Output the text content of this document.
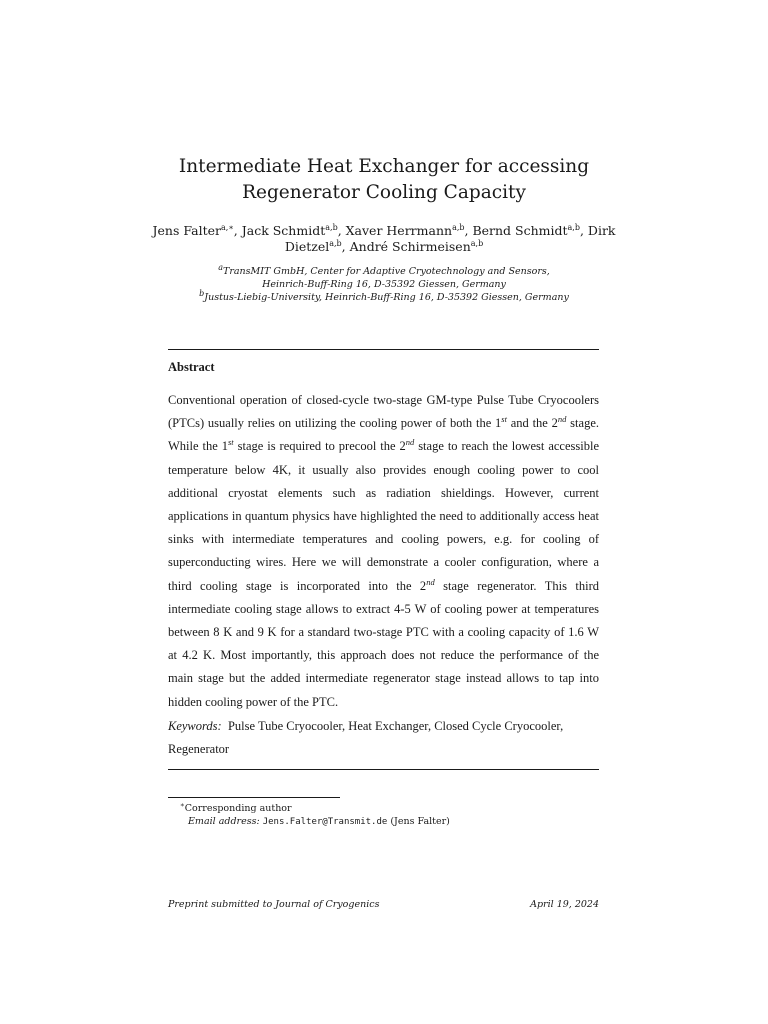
Intermediate Heat Exchanger for accessing Regenerator Cooling Capacity
Jens Falter$^{a,∗}$, Jack Schmidt$^{a,b}$, Xaver Herrmann$^{a,b}$, Bernd Schmidt$^{a,b}$, Dirk Dietzel$^{a,b}$, André Schirmeisen$^{a,b}$
$^a$TransMIT GmbH, Center for Adaptive Cryotechnology and Sensors,
Heinrich-Buff-Ring 16, D-35392 Giessen, Germany
$^b$Justus-Liebig-University, Heinrich-Buff-Ring 16, D-35392 Giessen, Germany
Abstract
Conventional operation of closed-cycle two-stage GM-type Pulse Tube Cryocoolers (PTCs) usually relies on utilizing the cooling power of both the 1st and the 2nd stage. While the 1st stage is required to precool the 2nd stage to reach the lowest accessible temperature below 4K, it usually also provides enough cooling power to cool additional cryostat elements such as radiation shieldings. However, current applications in quantum physics have highlighted the need to additionally access heat sinks with intermediate temperatures and cooling powers, e.g. for cooling of superconducting wires. Here we will demonstrate a cooler configuration, where a third cooling stage is incorporated into the 2nd stage regenerator. This third intermediate cooling stage allows to extract 4-5 W of cooling power at temperatures between 8 K and 9 K for a standard two-stage PTC with a cooling capacity of 1.6 W at 4.2 K. Most importantly, this approach does not reduce the performance of the main stage but the added intermediate regenerator stage instead allows to tap into hidden cooling power of the PTC.
Keywords: Pulse Tube Cryocooler, Heat Exchanger, Closed Cycle Cryocooler, Regenerator
∗Corresponding author
Email address: Jens.Falter@Transmit.de (Jens Falter)
Preprint submitted to Journal of Cryogenics	April 19, 2024
